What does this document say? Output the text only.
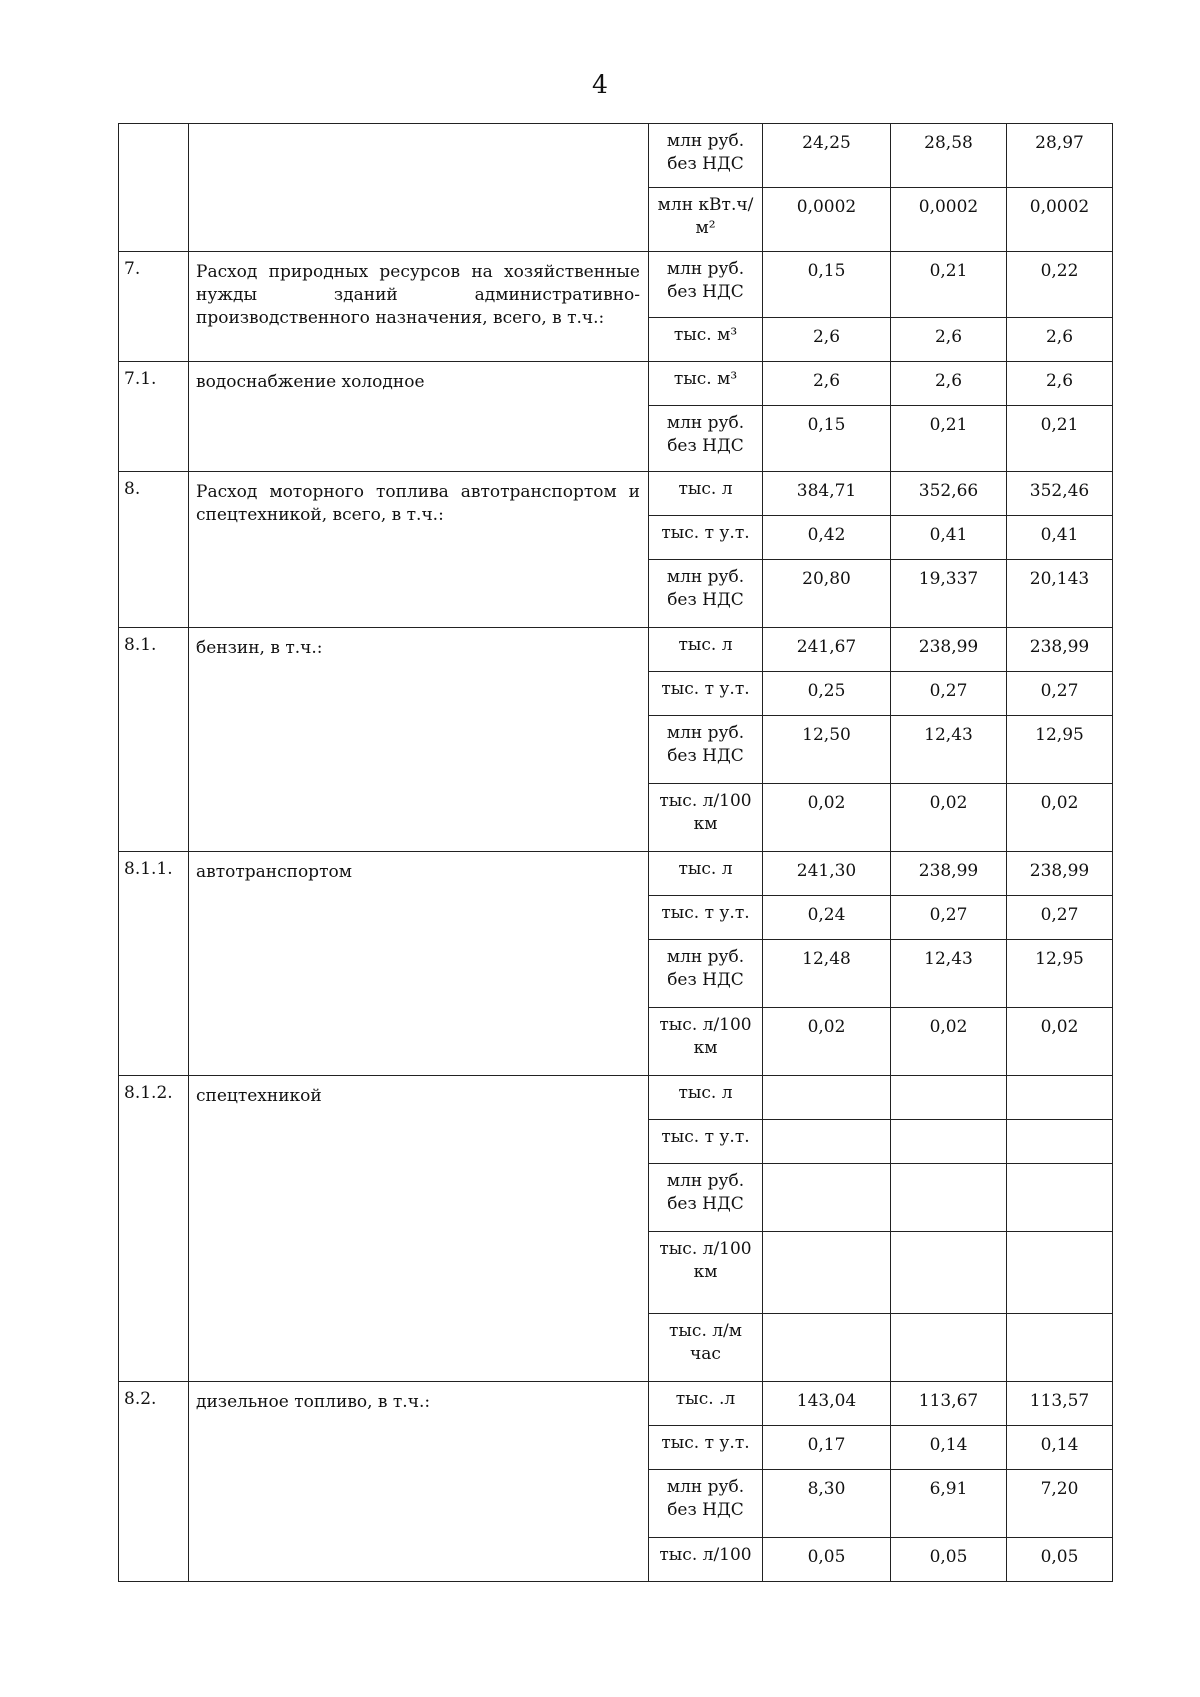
4
		млн руб. без НДС	24,25	28,58	28,97
		млн кВт.ч/м²	0,0002	0,0002	0,0002
7.	Расход природных ресурсов на хозяйственные нужды зданий административно-производственного назначения, всего, в т.ч.:	млн руб. без НДС	0,15	0,21	0,22
		тыс. м³	2,6	2,6	2,6
7.1.	водоснабжение холодное	тыс. м³	2,6	2,6	2,6
		млн руб. без НДС	0,15	0,21	0,21
8.	Расход моторного топлива автотранспортом и спецтехникой, всего, в т.ч.:	тыс. л	384,71	352,66	352,46
		тыс. т у.т.	0,42	0,41	0,41
		млн руб. без НДС	20,80	19,337	20,143
8.1.	бензин, в т.ч.:	тыс. л	241,67	238,99	238,99
		тыс. т у.т.	0,25	0,27	0,27
		млн руб. без НДС	12,50	12,43	12,95
		тыс. л/100 км	0,02	0,02	0,02
8.1.1.	автотранспортом	тыс. л	241,30	238,99	238,99
		тыс. т у.т.	0,24	0,27	0,27
		млн руб. без НДС	12,48	12,43	12,95
		тыс. л/100 км	0,02	0,02	0,02
8.1.2.	спецтехникой	тыс. л			
		тыс. т у.т.			
		млн руб. без НДС			
		тыс. л/100 км			
		тыс. л/м час			
8.2.	дизельное топливо, в т.ч.:	тыс. .л	143,04	113,67	113,57
		тыс. т у.т.	0,17	0,14	0,14
		млн руб. без НДС	8,30	6,91	7,20
		тыс. л/100	0,05	0,05	0,05
